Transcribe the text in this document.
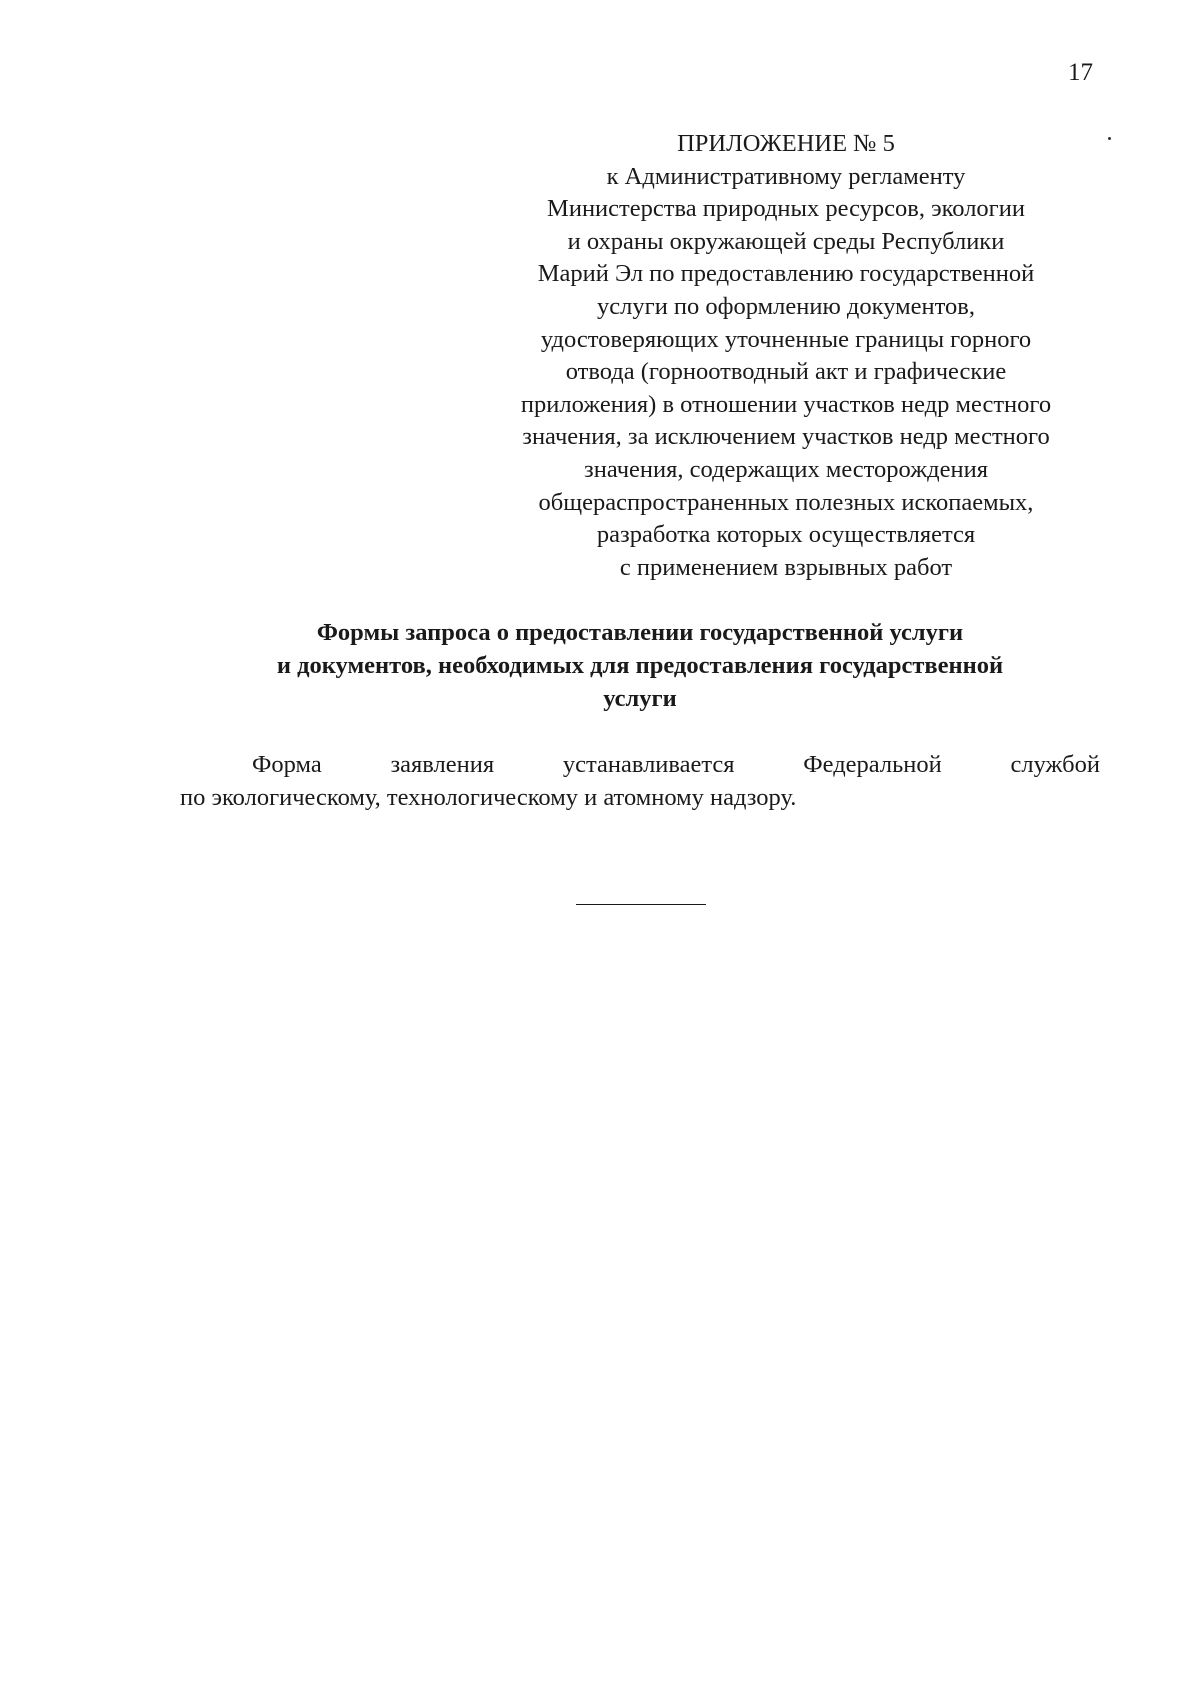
17
ПРИЛОЖЕНИЕ № 5
к Административному регламенту
Министерства природных ресурсов, экологии
и охраны окружающей среды Республики
Марий Эл по предоставлению государственной
услуги по оформлению документов,
удостоверяющих уточненные границы горного
отвода (горноотводный акт и графические
приложения) в отношении участков недр местного
значения, за исключением участков недр местного
значения, содержащих месторождения
общераспространенных полезных ископаемых,
разработка которых осуществляется
с применением взрывных работ
Формы запроса о предоставлении государственной услуги
и документов, необходимых для предоставления государственной
услуги
Форма	заявления	устанавливается	Федеральной	службой
по экологическому, технологическому и атомному надзору.
